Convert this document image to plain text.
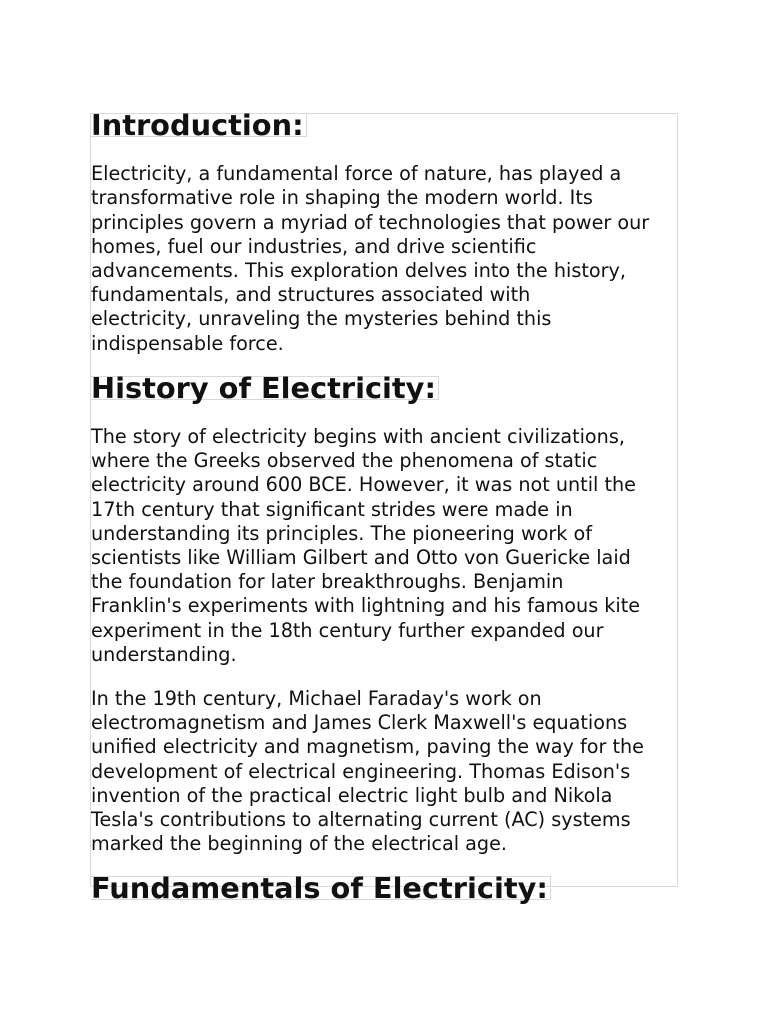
Introduction:

Electricity, a fundamental force of nature, has played a
transformative role in shaping the modern world. Its
principles govern a myriad of technologies that power our
homes, fuel our industries, and drive scientific
advancements. This exploration delves into the history,
fundamentals, and structures associated with
electricity, unraveling the mysteries behind this
indispensable force.

History of Electricity:

The story of electricity begins with ancient civilizations,
where the Greeks observed the phenomena of static
electricity around 600 BCE. However, it was not until the
17th century that significant strides were made in
understanding its principles. The pioneering work of
scientists like William Gilbert and Otto von Guericke laid
the foundation for later breakthroughs. Benjamin
Franklin's experiments with lightning and his famous kite
experiment in the 18th century further expanded our
understanding.

In the 19th century, Michael Faraday's work on
electromagnetism and James Clerk Maxwell's equations
unified electricity and magnetism, paving the way for the
development of electrical engineering. Thomas Edison's
invention of the practical electric light bulb and Nikola
Tesla's contributions to alternating current (AC) systems
marked the beginning of the electrical age.

Fundamentals of Electricity:
